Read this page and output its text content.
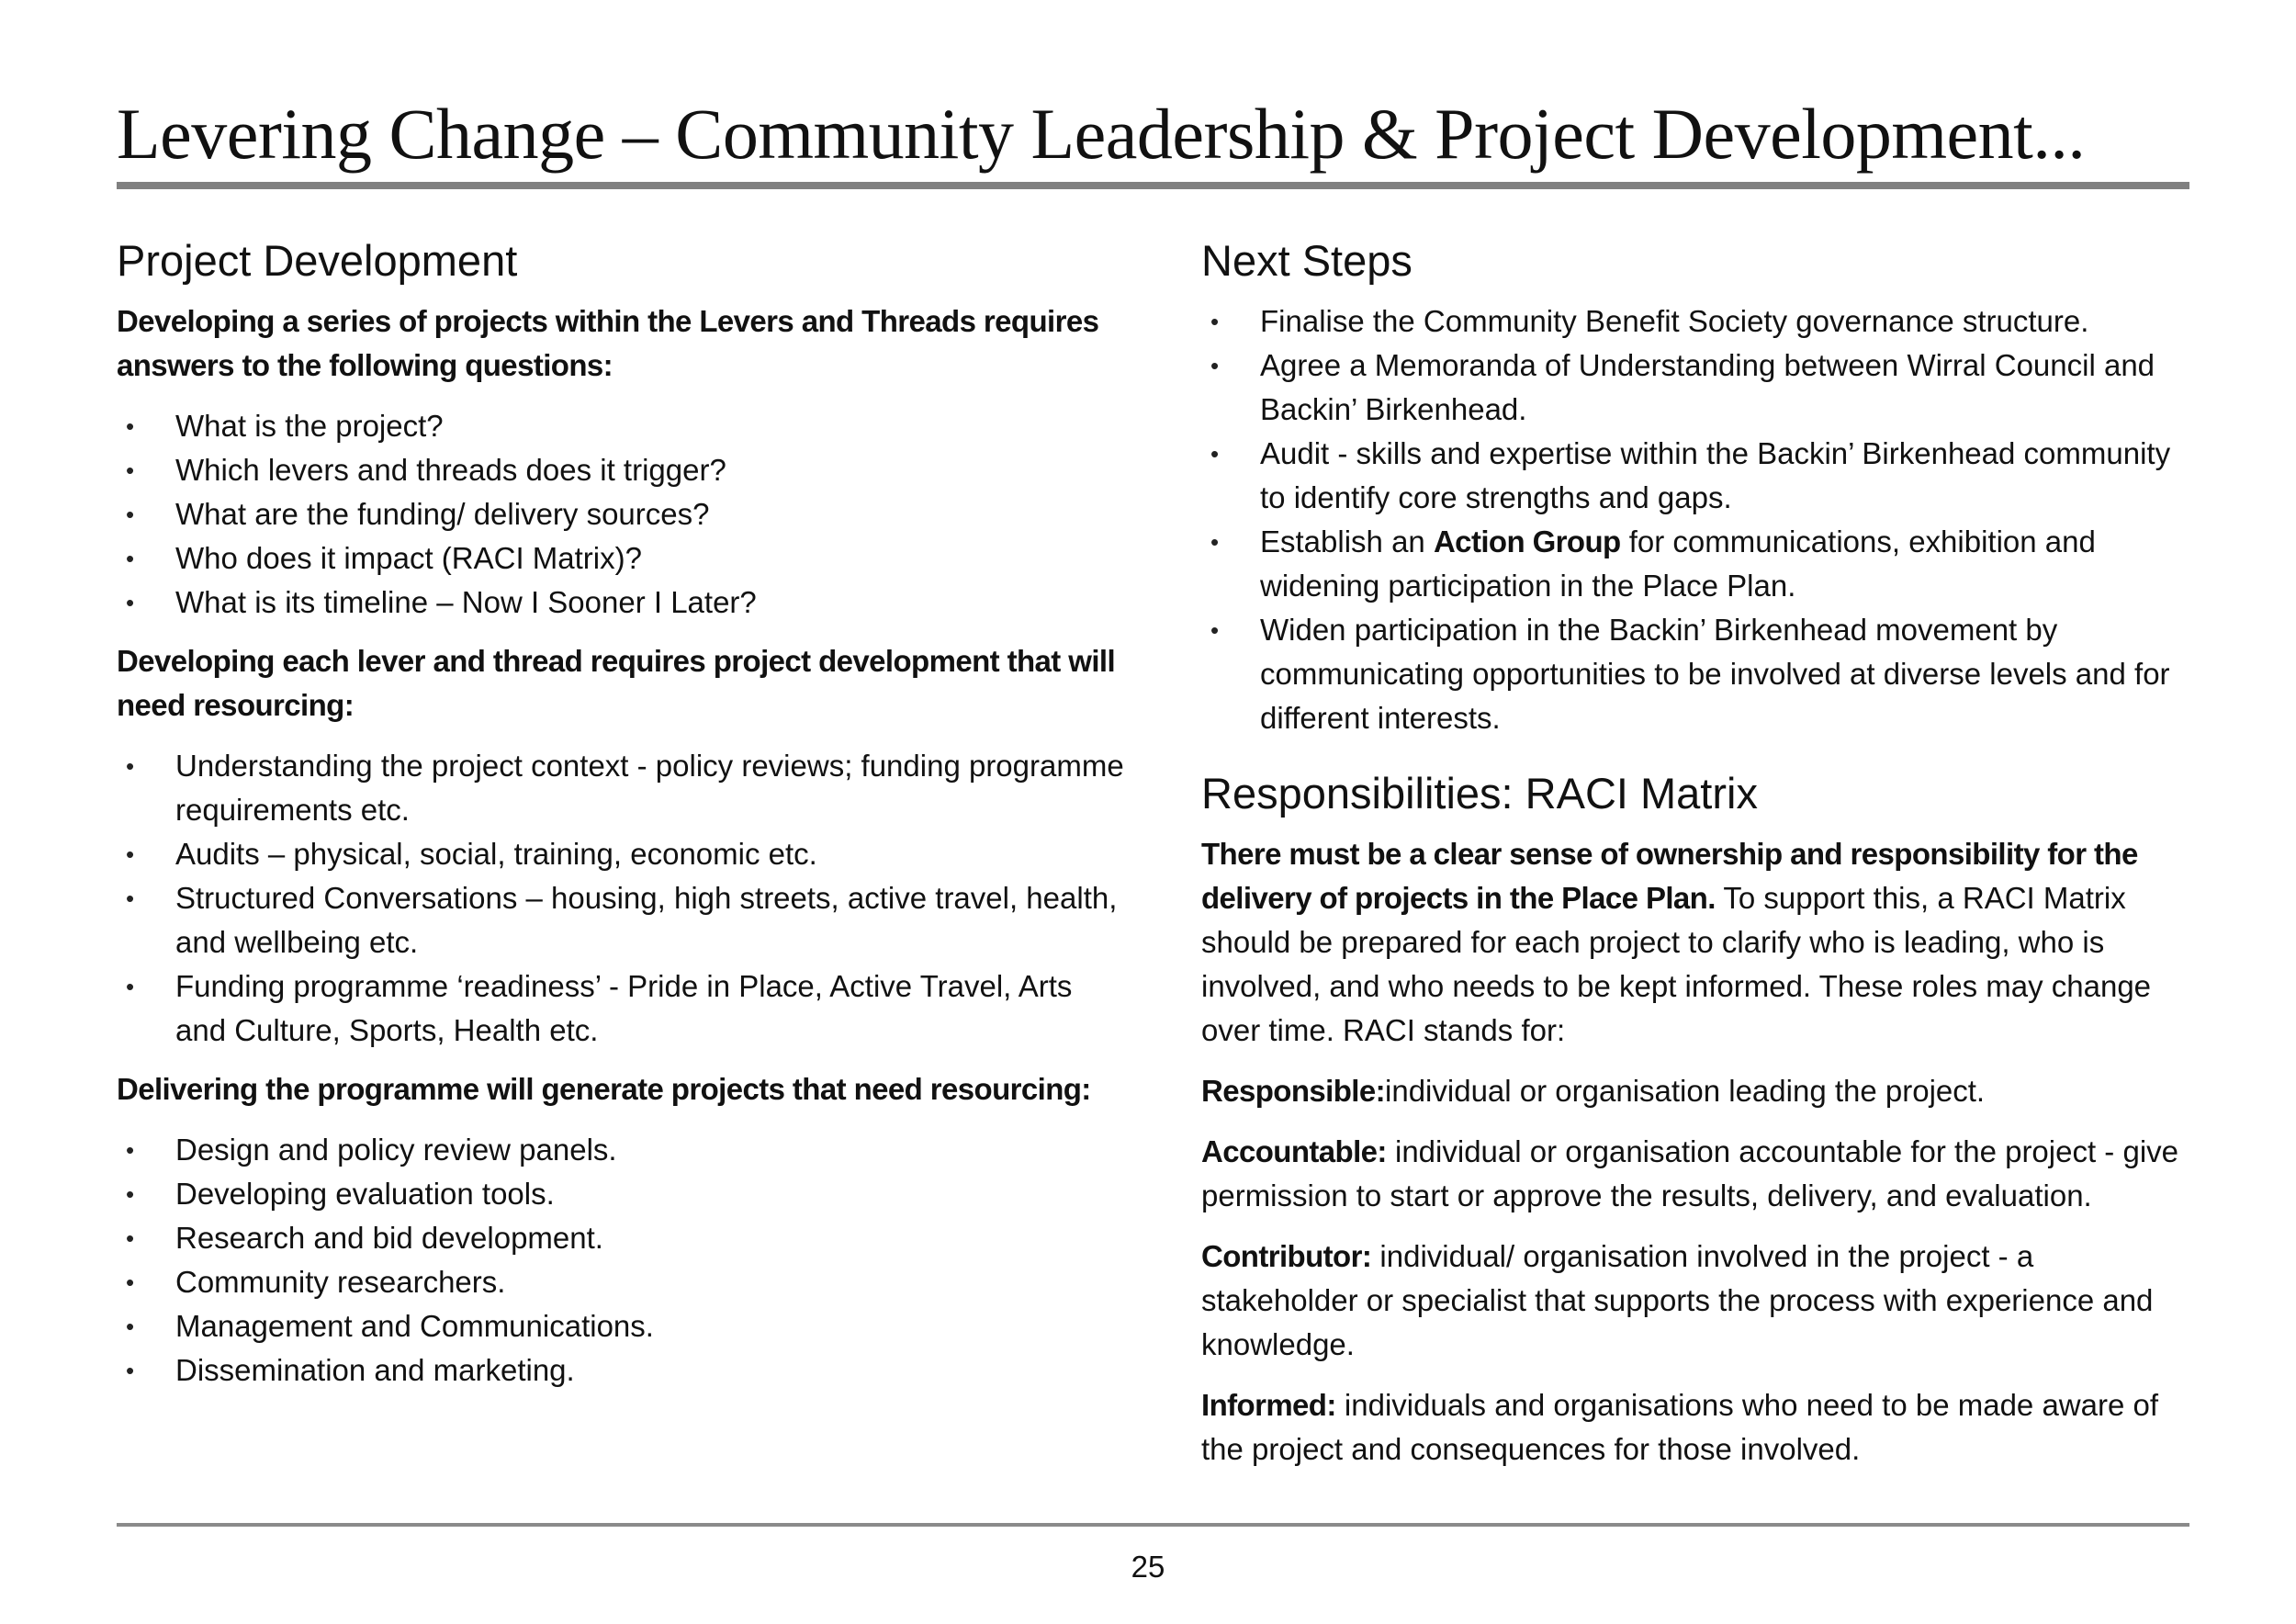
Levering Change – Community Leadership & Project Development...
Project Development

Developing a series of projects within the Levers and Threads requires answers to the following questions:

• What is the project?
• Which levers and threads does it trigger?
• What are the funding/ delivery sources?
• Who does it impact (RACI Matrix)?
• What is its timeline – Now I Sooner I Later?

Developing each lever and thread requires project development that will need resourcing:

• Understanding the project context - policy reviews; funding programme requirements etc.
• Audits – physical, social, training, economic etc.
• Structured Conversations – housing, high streets, active travel, health, and wellbeing etc.
• Funding programme ‘readiness’ - Pride in Place, Active Travel, Arts and Culture, Sports, Health etc.

Delivering the programme will generate projects that need resourcing:

• Design and policy review panels.
• Developing evaluation tools.
• Research and bid development.
• Community researchers.
• Management and Communications.
• Dissemination and marketing.
Next Steps
• Finalise the Community Benefit Society governance structure.
• Agree a Memoranda of Understanding between Wirral Council and Backin’ Birkenhead.
• Audit - skills and expertise within the Backin’ Birkenhead community to identify core strengths and gaps.
• Establish an Action Group for communications, exhibition and widening participation in the Place Plan.
• Widen participation in the Backin’ Birkenhead movement by communicating opportunities to be involved at diverse levels and for different interests.
Responsibilities: RACI Matrix

There must be a clear sense of ownership and responsibility for the delivery of projects in the Place Plan. To support this, a RACI Matrix should be prepared for each project to clarify who is leading, who is involved, and who needs to be kept informed. These roles may change over time. RACI stands for:

Responsible:individual or organisation leading the project.

Accountable: individual or organisation accountable for the project - give permission to start or approve the results, delivery, and evaluation.

Contributor: individual/ organisation involved in the project - a stakeholder or specialist that supports the process with experience and knowledge.

Informed: individuals and organisations who need to be made aware of the project and consequences for those involved.

25
